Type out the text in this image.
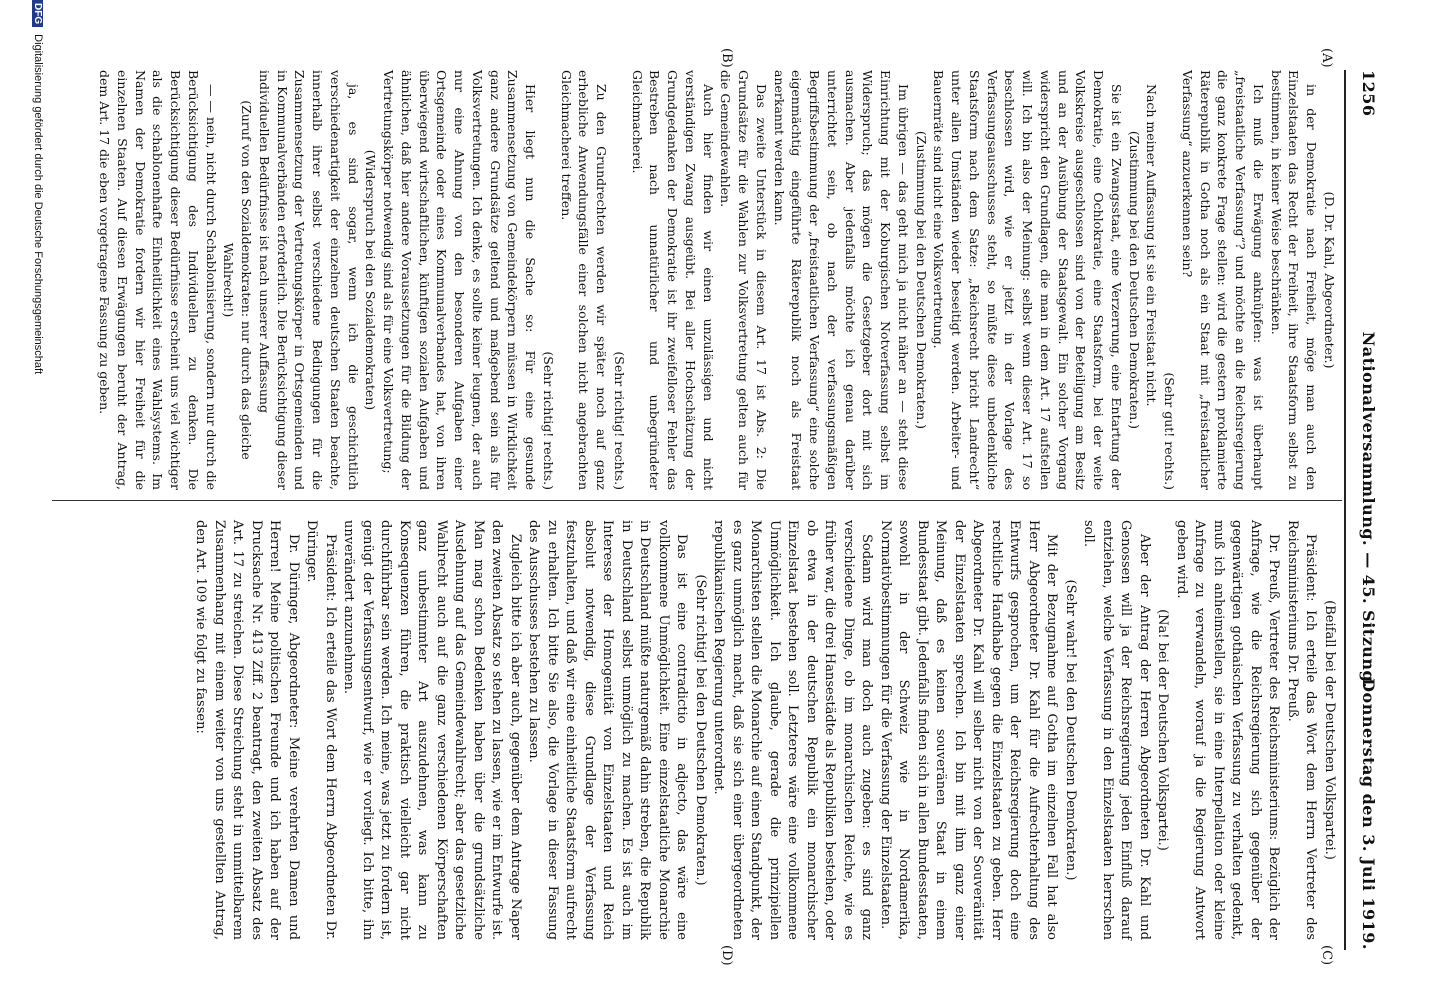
1256
Nationalversammlung. — 45. Sitzung.
Donnerstag den 3. Juli 1919.
(A)
(B)
(C)
(D)

(D. Dr. Kahl, Abgeordneter.)

in der Demokratie nach Freiheit, möge man auch den Einzelstaaten das Recht der Freiheit, ihre Staatsform selbst zu bestimmen, in keiner Weise beschränken.

Ich muß die Erwägung anknüpfen: was ist überhaupt „freistaatliche Verfassung“? und möchte an die Reichsregierung die ganz konkrete Frage stellen: wird die gestern proklamierte Räterepublik in Gotha noch als ein Staat mit „freistaatlicher Verfassung“ anzuerkennen sein?

(Sehr gut! rechts.)

Nach meiner Auffassung ist sie ein Freistaat nicht.

(Zustimmung bei den Deutschen Demokraten.)

Sie ist ein Zwangsstaat, eine Verzerrung, eine Entartung der Demokratie, eine Ochlokratie, eine Staatsform, bei der weite Volkskreise ausgeschlossen sind von der Beteiligung am Besitz und an der Ausübung der Staatsgewalt. Ein solcher Vorgang widerspricht den Grundlagen, die man in dem Art. 17 aufstellen will. Ich bin also der Meinung: selbst wenn dieser Art. 17 so beschlossen wird, wie er jetzt in der Vorlage des Verfassungsausschusses steht, so müßte diese unbedenkliche Staatsform nach dem Satze: „Reichsrecht bricht Landrecht“ unter allen Umständen wieder beseitigt werden. Arbeiter- und Bauernräte sind nicht eine Volksvertretung.

(Zustimmung bei den Deutschen Demokraten.)

Im übrigen — das geht mich ja nicht näher an — steht diese Einrichtung mit der Koburgischen Notverfassung selbst im Widerspruch; das mögen die Gesetzgeber dort mit sich ausmachen. Aber jedenfalls möchte ich genau darüber unterrichtet sein, ob nach der verfassungsmäßigen Begriffsbestimmung der „freistaatlichen Verfassung“ eine solche eigenmächtig eingeführte Räterepublik noch als Freistaat anerkannt werden kann.

Das zweite Unterstück in diesem Art. 17 ist Abs. 2: Die Grundsätze für die Wahlen zur Volksvertretung gelten auch für die Gemeindewahlen.

Auch hier finden wir einen unzulässigen und nicht verständigen Zwang ausgeübt. Bei aller Hochschätzung der Grundgedanken der Demokratie ist ihr zweifelloser Fehler das Bestreben nach unnatürlicher und unbegründeter Gleichmacherei.

(Sehr richtig! rechts.)

Zu den Grundrechten werden wir später noch auf ganz erhebliche Anwendungsfälle einer solchen nicht angebrachten Gleichmacherei treffen.

(Sehr richtig! rechts.)

Hier liegt nun die Sache so: Für eine gesunde Zusammensetzung von Gemeindekörpern müssen in Wirklichkeit ganz andere Grundsätze geltend und maßgebend sein als für Volksvertretungen. Ich denke, es sollte keiner leugnen, der auch nur eine Ahnung von den besonderen Aufgaben einer Ortsgemeinde oder eines Kommunalverbandes hat, von ihren überwiegend wirtschaftlichen, künftigen sozialen Aufgaben und ähnlichen, daß hier andere Voraussetzungen für die Bildung der Vertretungskörper notwendig sind als für eine Volksvertretung;

(Widerspruch bei den Sozialdemokraten)

ja, es sind sogar, wenn ich die geschichtlich verschiedenartigkeit der einzelnen deutschen Staaten beachte, innerhalb ihrer selbst verschiedene Bedingungen für die Zusammensetzung der Vertretungskörper in Ortsgemeinden und in Kommunalverbänden erforderlich. Die Berücksichtigung dieser individuellen Bedürfnisse ist nach unserer Auffassung

(Zuruf von den Sozialdemokraten: nur durch das gleiche Wahlrecht!)

— — nein, nicht durch Schablonisierung, sondern nur durch die Berücksichtigung des Individuellen zu denken. Die Berücksichtigung dieser Bedürfnisse erscheint uns viel wichtiger als die schablonenhafte Einheitlichkeit eines Wahlsystems. Im Namen der Demokratie fordern wir hier Freiheit für die einzelnen Staaten. Auf diesen Erwägungen beruht der Antrag, dem Art. 17 die eben vorgetragene Fassung zu geben.

(Beifall bei der Deutschen Volkspartei.)

Präsident: Ich erteile das Wort dem Herrn Vertreter des Reichsministeriums Dr. Preuß.

Dr. Preuß, Vertreter des Reichsministeriums: Bezüglich der Anfrage, wie die Reichsregierung sich gegenüber der gegenwärtigen gothaischen Verfassung zu verhalten gedenkt, muß ich anheimstellen, sie in eine Interpellation oder kleine Anfrage zu verwandeln, worauf ja die Regierung Antwort geben wird.

(Na! bei der Deutschen Volkspartei.)

Aber der Antrag der Herren Abgeordneten Dr. Kahl und Genossen will ja der Reichsregierung jeden Einfluß darauf entziehen, welche Verfassung in den Einzelstaaten herrschen soll.

(Sehr wahr! bei den Deutschen Demokraten.)

Mit der Bezugnahme auf Gotha im einzelnen Fall hat also Herr Abgeordneter Dr. Kahl für die Aufrechterhaltung des Entwurfs gesprochen, um der Reichsregierung doch eine rechtliche Handhabe gegen die Einzelstaaten zu geben. Herr Abgeordneter Dr. Kahl will selber nicht von der Souveränität der Einzelstaaten sprechen. Ich bin mit ihm ganz einer Meinung, daß es keinen souveränen Staat in einem Bundesstaat gibt. Jedenfalls finden sich in allen Bundesstaaten, sowohl in der Schweiz wie in Nordamerika, Normativbestimmungen für die Verfassung der Einzelstaaten.

Sodann wird man doch auch zugeben: es sind ganz verschiedene Dinge, ob im monarchischen Reiche, wie es früher war, die drei Hansestädte als Republiken bestehen, oder ob etwa in der deutschen Republik ein monarchischer Einzelstaat bestehen soll. Letzteres wäre eine vollkommene Unmöglichkeit. Ich glaube, gerade die prinzipiellen Monarchisten stellen die Monarchie auf einen Standpunkt, der es ganz unmöglich macht, daß sie sich einer übergeordneten republikanischen Regierung unterordnet.

(Sehr richtig! bei den Deutschen Demokraten.)

Das ist eine contradictio in adjecto, das wäre eine vollkommene Unmöglichkeit. Eine einzelstaatliche Monarchie in Deutschland müßte naturgemäß dahin streben, die Republik in Deutschland selbst unmöglich zu machen. Es ist auch im Interesse der Homogenität von Einzelstaaten und Reich absolut notwendig, diese Grundlage der Verfassung festzuhalten, und daß wir eine einheitliche Staatsform aufrecht zu erhalten. Ich bitte Sie also, die Vorlage in dieser Fassung des Ausschusses bestehen zu lassen.

Zugleich bitte ich aber auch, gegenüber dem Antrage Naper den zweiten Absatz so stehen zu lassen, wie er im Entwurfe ist. Man mag schon Bedenken haben über die grundsätzliche Ausdehnung auf das Gemeindewahlrecht; aber das gesetzliche Wahlrecht auch auf die ganz verschiedenen Körperschaften ganz unbestimmter Art auszudehnen, was kann zu Konsequenzen führen, die praktisch vielleicht gar nicht durchführbar sein werden. Ich meine, was jetzt zu fordern ist, genügt der Verfassungsentwurf, wie er vorliegt. Ich bitte, ihn unverändert anzunehmen.

Präsident: Ich erteile das Wort dem Herrn Abgeordneten Dr. Düringer.

Dr. Düringer, Abgeordneter: Meine verehrten Damen und Herren! Meine politischen Freunde und ich haben auf der Drucksache Nr. 413 Ziff. 2 beantragt, den zweiten Absatz des Art. 17 zu streichen. Diese Streichung steht in unmittelbarem Zusammenhang mit einem weiter von uns gestellten Antrag, den Art. 109 wie folgt zu fassen:

DFG Digitalisierung gefördert durch die Deutsche Forschungsgemeinschaft
